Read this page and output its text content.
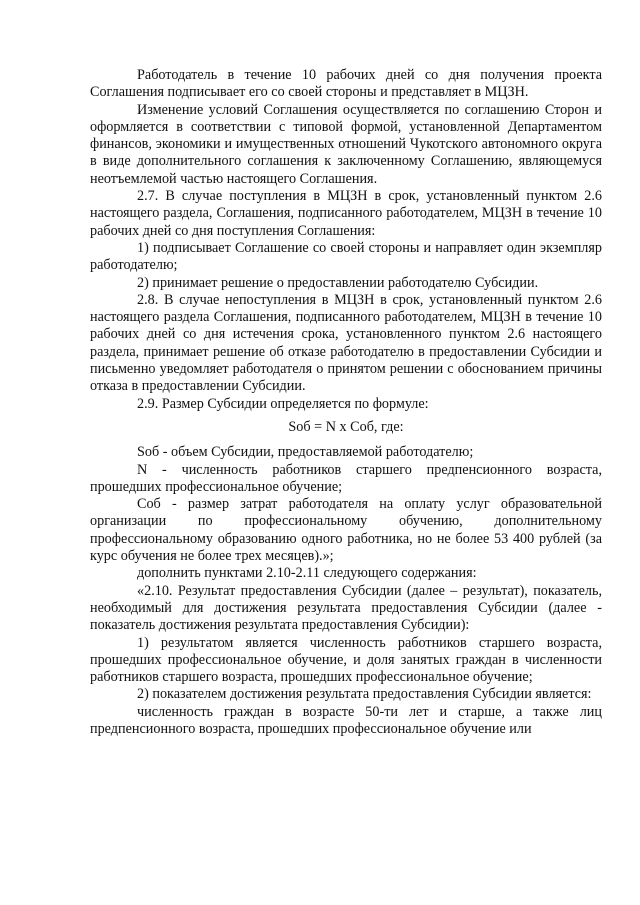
Работодатель в течение 10 рабочих дней со дня получения проекта Соглашения подписывает его со своей стороны и представляет в МЦЗН.

Изменение условий Соглашения осуществляется по соглашению Сторон и оформляется в соответствии с типовой формой, установленной Департаментом финансов, экономики и имущественных отношений Чукотского автономного округа в виде дополнительного соглашения к заключенному Соглашению, являющемуся неотъемлемой частью настоящего Соглашения.

2.7. В случае поступления в МЦЗН в срок, установленный пунктом 2.6 настоящего раздела, Соглашения, подписанного работодателем, МЦЗН в течение 10 рабочих дней со дня поступления Соглашения:

1) подписывает Соглашение со своей стороны и направляет один экземпляр работодателю;

2) принимает решение о предоставлении работодателю Субсидии.

2.8. В случае непоступления в МЦЗН в срок, установленный пунктом 2.6 настоящего раздела Соглашения, подписанного работодателем, МЦЗН в течение 10 рабочих дней со дня истечения срока, установленного пунктом 2.6 настоящего раздела, принимает решение об отказе работодателю в предоставлении Субсидии и письменно уведомляет работодателя о принятом решении с обоснованием причины отказа в предоставлении Субсидии.

2.9. Размер Субсидии определяется по формуле:

Sоб = N x Соб, где:

Sоб - объем Субсидии, предоставляемой работодателю;

N - численность работников старшего предпенсионного возраста, прошедших профессиональное обучение;

Соб - размер затрат работодателя на оплату услуг образовательной организации по профессиональному обучению, дополнительному профессиональному образованию одного работника, но не более 53 400 рублей (за курс обучения не более трех месяцев).»;

дополнить пунктами 2.10-2.11 следующего содержания:

«2.10. Результат предоставления Субсидии (далее – результат), показатель, необходимый для достижения результата предоставления Субсидии (далее - показатель достижения результата предоставления Субсидии):

1) результатом является численность работников старшего возраста, прошедших профессиональное обучение, и доля занятых граждан в численности работников старшего возраста, прошедших профессиональное обучение;

2) показателем достижения результата предоставления Субсидии является:

численность граждан в возрасте 50-ти лет и старше, а также лиц предпенсионного возраста, прошедших профессиональное обучение или
